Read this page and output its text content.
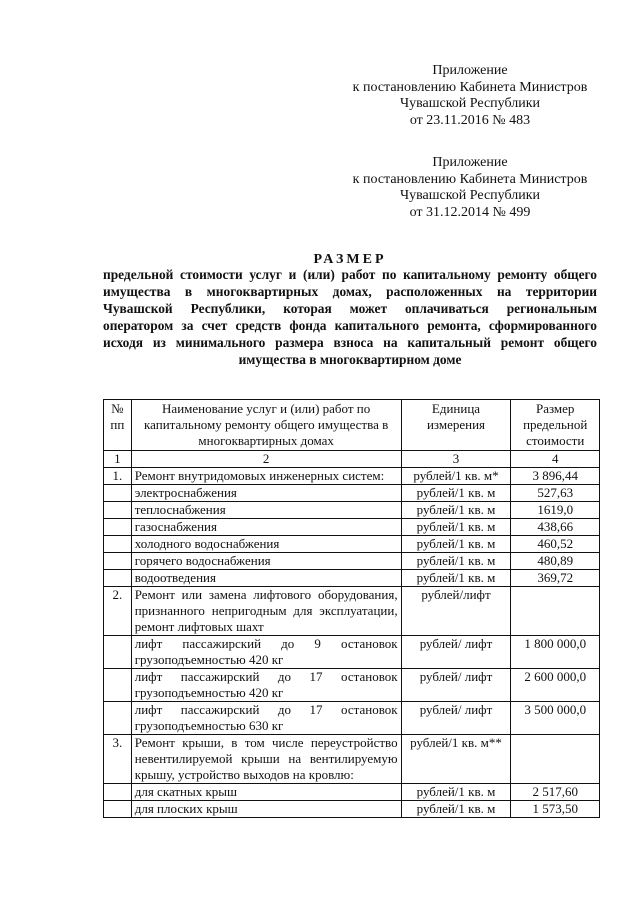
Приложение
к постановлению Кабинета Министров
Чувашской Республики
от 23.11.2016 № 483
Приложение
к постановлению Кабинета Министров
Чувашской Республики
от 31.12.2014 № 499
РАЗМЕР
предельной стоимости услуг и (или) работ по капитальному ремонту общего имущества в многоквартирных домах, расположенных на территории Чувашской Республики, которая может оплачиваться региональным оператором за счет средств фонда капитального ремонта, сформированного исходя из минимального размера взноса на капитальный ремонт общего имущества в многоквартирном доме
№ пп	Наименование услуг и (или) работ по капитальному ремонту общего имущества в многоквартирных домах	Единица измерения	Размер предельной стоимости
1	2	3	4
1.	Ремонт внутридомовых инженерных систем:	рублей/1 кв. м*	3 896,44
	электроснабжения	рублей/1 кв. м	527,63
	теплоснабжения	рублей/1 кв. м	1619,0
	газоснабжения	рублей/1 кв. м	438,66
	холодного водоснабжения	рублей/1 кв. м	460,52
	горячего водоснабжения	рублей/1 кв. м	480,89
	водоотведения	рублей/1 кв. м	369,72
2.	Ремонт или замена лифтового оборудования, признанного непригодным для эксплуатации, ремонт лифтовых шахт	рублей/лифт	
	лифт пассажирский до 9 остановок грузоподъемностью 420 кг	рублей/ лифт	1 800 000,0
	лифт пассажирский до 17 остановок грузоподъемностью 420 кг	рублей/ лифт	2 600 000,0
	лифт пассажирский до 17 остановок грузоподъемностью 630 кг	рублей/ лифт	3 500 000,0
3.	Ремонт крыши, в том числе переустройство невентилируемой крыши на вентилируемую крышу, устройство выходов на кровлю:	рублей/1 кв. м**	
	для скатных крыш	рублей/1 кв. м	2 517,60
	для плоских крыш	рублей/1 кв. м	1 573,50
